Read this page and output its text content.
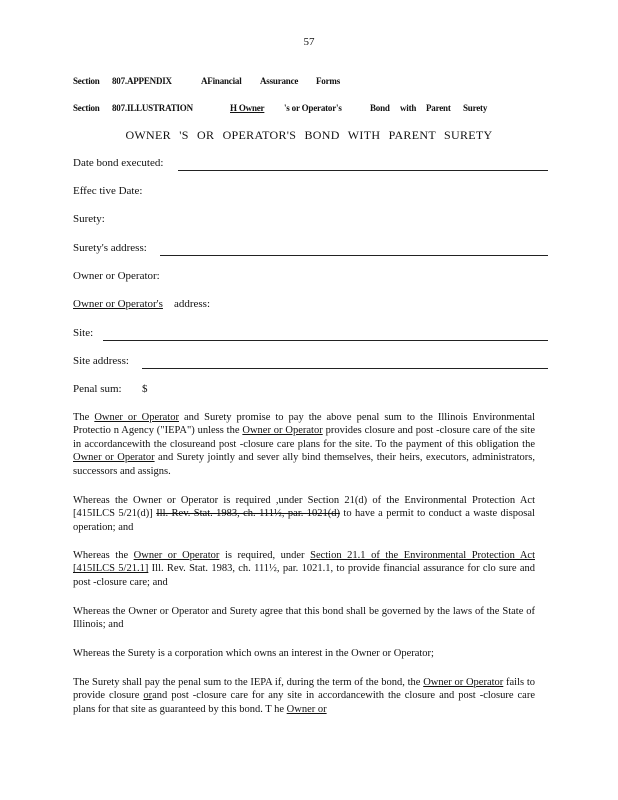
57
Section 807.APPENDIX	AFinancial Assurance Forms
Section 807.ILLUSTRATION	H Owner 's or Operator's	Bond with Parent Surety
OWNER 'S OR OPERATOR'S BOND WITH PARENT SURETY
Date bond executed:
Effec tive Date:
Surety:
Surety's address:
Owner or Operator:
Owner or Operator's address:
Site:
Site address:
Penal sum: $
The Owner or Operator and Surety promise to pay the above penal sum to the Illinois Environmental Protectio n Agency ("IEPA") unless the Owner or Operator provides closure and post -closure care of the site in accordancewith the closureand post -closure care plans for the site. To the payment of this obligation the Owner or Operator and Surety jointly and sever ally bind themselves, their heirs, executors, administrators, successors and assigns.
Whereas the Owner or Operator is required ,under Section 21(d) of the Environmental Protection Act [415ILCS 5/21(d)] Ill. Rev. Stat. 1983, ch. 111½, par. 1021(d) to have a permit to conduct a waste disposal operation; and
Whereas the Owner or Operator is required, under Section 21.1 of the Environmental Protection Act [415ILCS 5/21.1] Ill. Rev. Stat. 1983, ch. 111½, par. 1021.1, to provide financial assurance for clo sure and post -closure care; and
Whereas the Owner or Operator and Surety agree that this bond shall be governed by the laws of the State of Illinois; and
Whereas the Surety is a corporation which owns an interest in the Owner or Operator;
The Surety shall pay the penal sum to the IEPA if, during the term of the bond, the Owner or Operator fails to provide closure orand post -closure care for any site in accordancewith the closure and post -closure care plans for that site as guaranteed by this bond. T he Owner or
